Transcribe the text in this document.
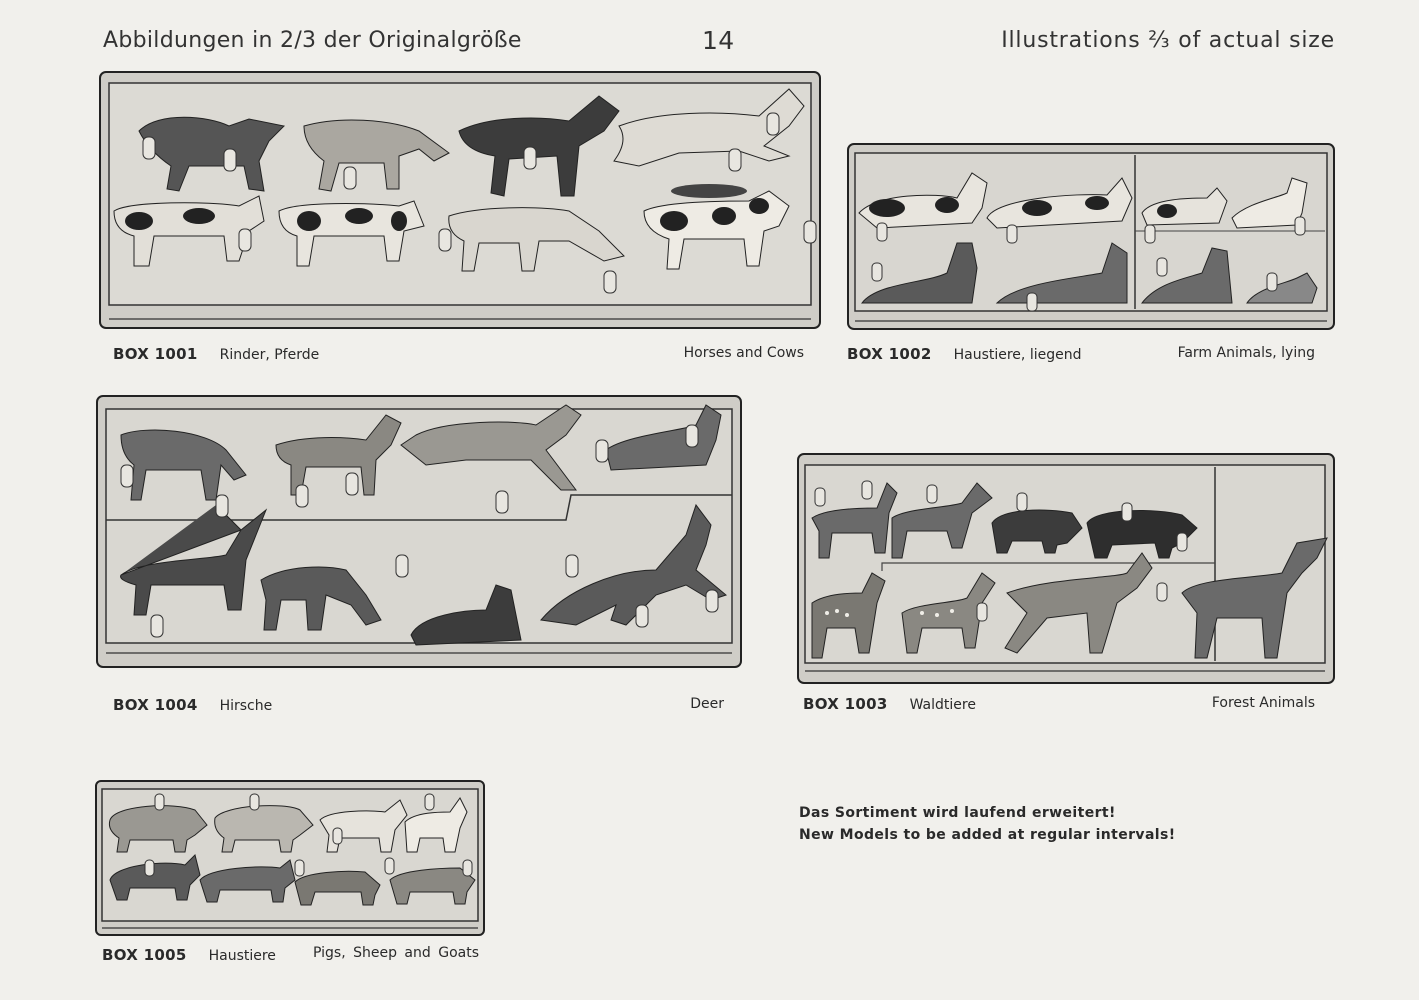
Abbildungen in 2/3 der Originalgröße	14	Illustrations ⅔ of actual size
BOX 1001 Rinder, Pferde	Horses and Cows	BOX 1002 Haustiere, liegend	Farm Animals, lying
BOX 1004 Hirsche	Deer	BOX 1003 Waldtiere	Forest Animals
BOX 1005 Haustiere	Pigs, Sheep and Goats
Das Sortiment wird laufend erweitert!
New Models to be added at regular intervals!
